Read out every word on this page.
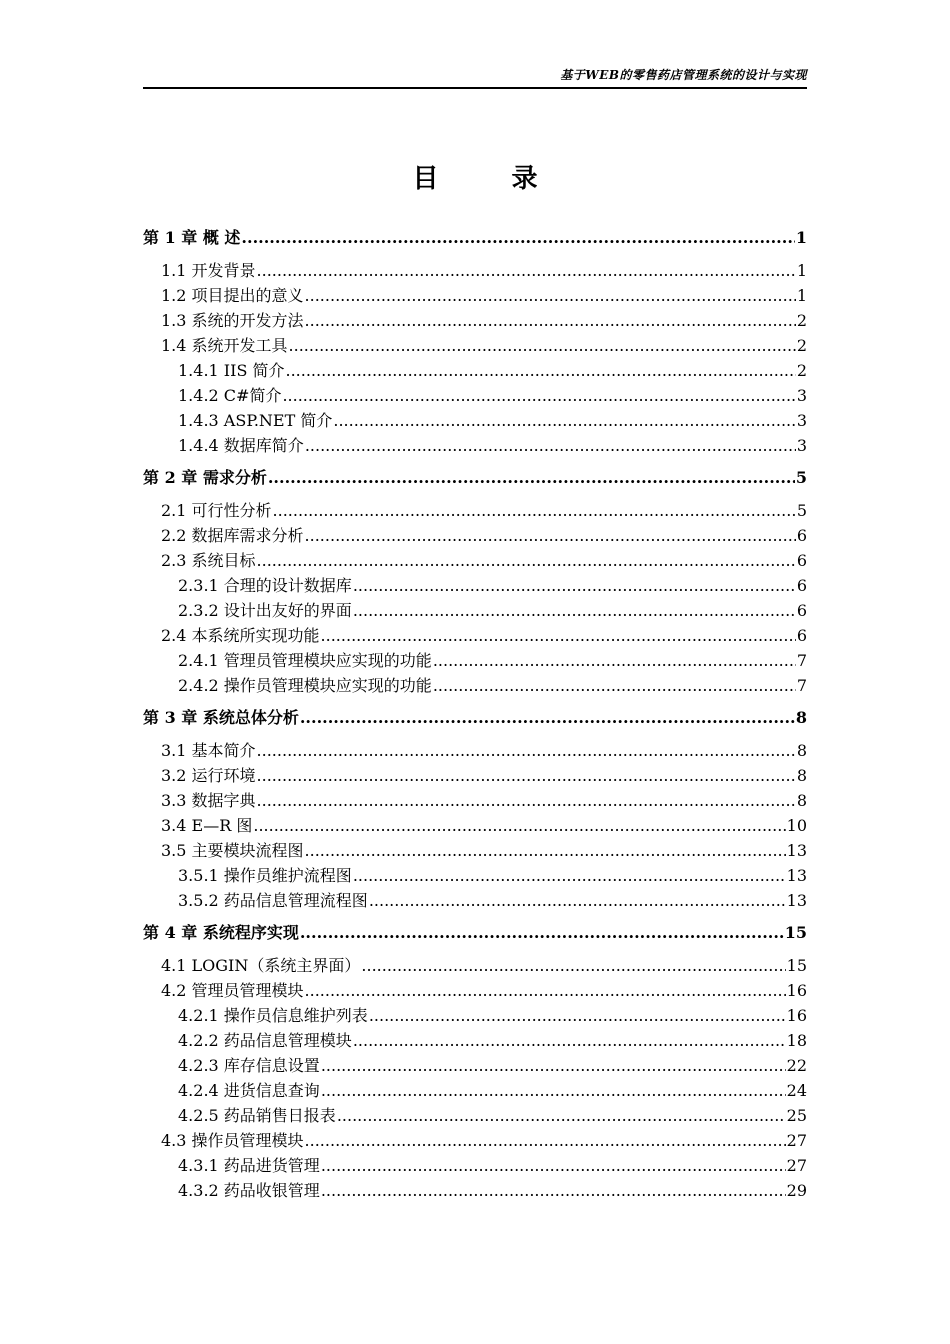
基于WEB的零售药店管理系统的设计与实现
目 录
第 1 章 概 述 .....	1
1.1 开发背景 .....	1
1.2 项目提出的意义 .....	1
1.3 系统的开发方法 .....	2
1.4 系统开发工具 .....	2
1.4.1 IIS 简介 .....	2
1.4.2 C#简介 .....	3
1.4.3 ASP.NET 简介 .....	3
1.4.4 数据库简介 .....	3
第 2 章 需求分析 .....	5
2.1 可行性分析 .....	5
2.2 数据库需求分析 .....	6
2.3 系统目标 .....	6
2.3.1 合理的设计数据库 .....	6
2.3.2 设计出友好的界面 .....	6
2.4 本系统所实现功能 .....	6
2.4.1 管理员管理模块应实现的功能 .....	7
2.4.2 操作员管理模块应实现的功能 .....	7
第 3 章 系统总体分析 .....	8
3.1 基本简介 .....	8
3.2 运行环境 .....	8
3.3 数据字典 .....	8
3.4 E—R 图 .....	10
3.5 主要模块流程图 .....	13
3.5.1 操作员维护流程图 .....	13
3.5.2 药品信息管理流程图 .....	13
第 4 章 系统程序实现 .....	15
4.1 LOGIN（系统主界面） .....	15
4.2 管理员管理模块 .....	16
4.2.1 操作员信息维护列表 .....	16
4.2.2 药品信息管理模块 .....	18
4.2.3 库存信息设置 .....	22
4.2.4 进货信息查询 .....	24
4.2.5 药品销售日报表 .....	25
4.3 操作员管理模块 .....	27
4.3.1 药品进货管理 .....	27
4.3.2 药品收银管理 .....	29
